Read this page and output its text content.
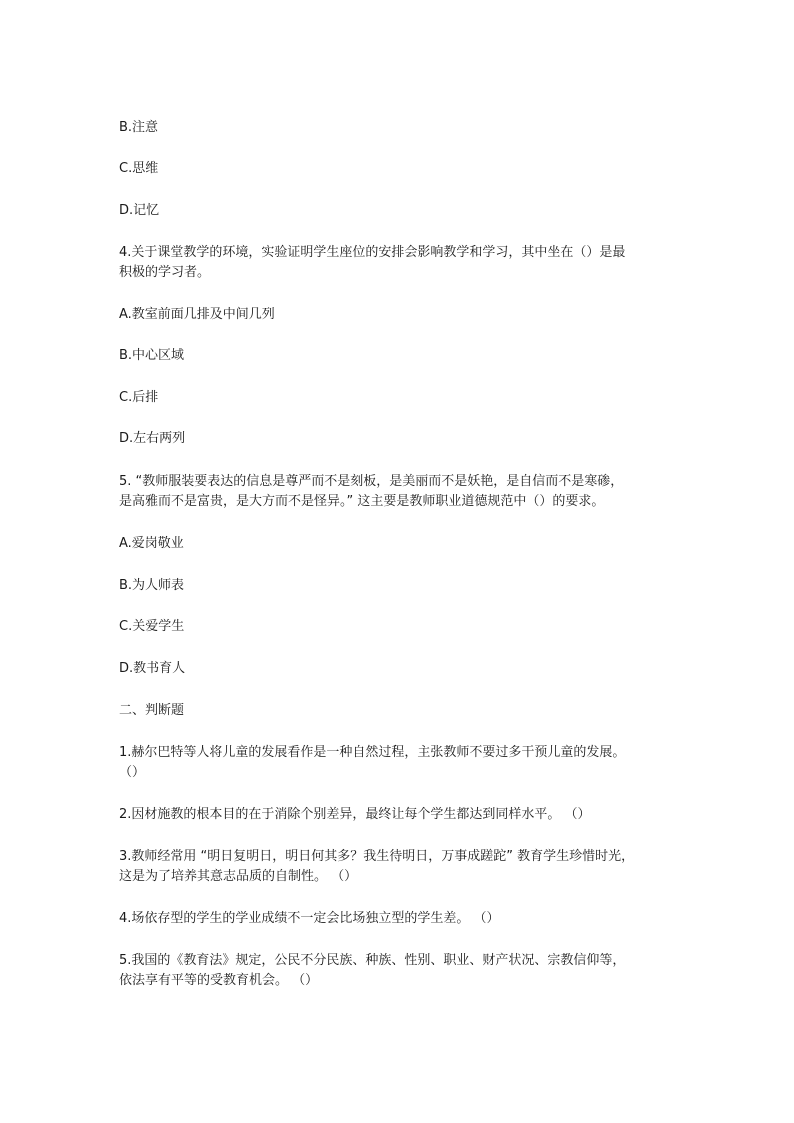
B.注意
C.思维
D.记忆
4.关于课堂教学的环境，实验证明学生座位的安排会影响教学和学习，其中坐在（）是最
积极的学习者。
A.教室前面几排及中间几列
B.中心区域
C.后排
D.左右两列
5. “教师服装要表达的信息是尊严而不是刻板，是美丽而不是妖艳，是自信而不是寒碜，
是高雅而不是富贵，是大方而不是怪异。” 这主要是教师职业道德规范中（）的要求。
A.爱岗敬业
B.为人师表
C.关爱学生
D.教书育人
二、判断题
1.赫尔巴特等人将儿童的发展看作是一种自然过程，主张教师不要过多干预儿童的发展。
（）
2.因材施教的根本目的在于消除个别差异，最终让每个学生都达到同样水平。 （）
3.教师经常用 “明日复明日，明日何其多？我生待明日，万事成蹉跎” 教育学生珍惜时光，
这是为了培养其意志品质的自制性。 （）
4.场依存型的学生的学业成绩不一定会比场独立型的学生差。 （）
5.我国的《教育法》规定，公民不分民族、种族、性别、职业、财产状况、宗教信仰等，
依法享有平等的受教育机会。 （）
